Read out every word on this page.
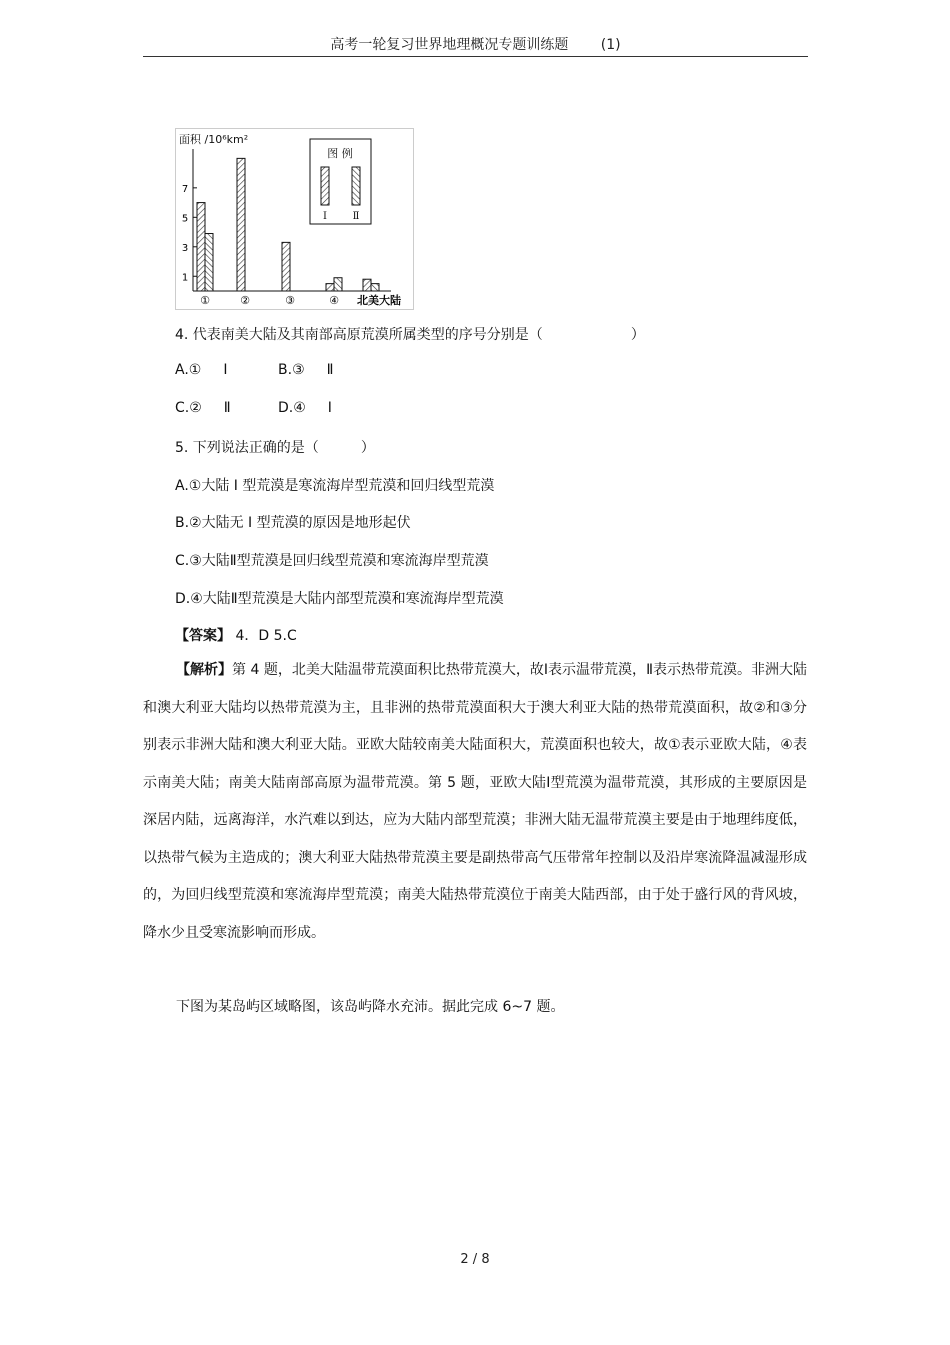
高考一轮复习世界地理概况专题训练题 (1)
面积 /10⁶km²
1
3
5
7
①	②	③	④ 北美大陆
图 例
Ⅰ	Ⅱ
4. 代表南美大陆及其南部高原荒漠所属类型的序号分别是（	）
A.① Ⅰ	B.③ Ⅱ
C.② Ⅱ	D.④ Ⅰ
5. 下列说法正确的是（	）
A.①大陆 Ⅰ 型荒漠是寒流海岸型荒漠和回归线型荒漠
B.②大陆无 Ⅰ 型荒漠的原因是地形起伏
C.③大陆Ⅱ型荒漠是回归线型荒漠和寒流海岸型荒漠
D.④大陆Ⅱ型荒漠是大陆内部型荒漠和寒流海岸型荒漠
【答案】 4．D 5.C

【解析】第 4 题，北美大陆温带荒漠面积比热带荒漠大，故Ⅰ表示温带荒漠，Ⅱ表示热带荒漠。非洲大陆和澳大利亚大陆均以热带荒漠为主，且非洲的热带荒漠面积大于澳大利亚大陆的热带荒漠面积，故②和③分别表示非洲大陆和澳大利亚大陆。亚欧大陆较南美大陆面积大，荒漠面积也较大，故①表示亚欧大陆，④表示南美大陆；南美大陆南部高原为温带荒漠。第 5 题，亚欧大陆Ⅰ型荒漠为温带荒漠，其形成的主要原因是深居内陆，远离海洋，水汽难以到达，应为大陆内部型荒漠；非洲大陆无温带荒漠主要是由于地理纬度低，以热带气候为主造成的；澳大利亚大陆热带荒漠主要是副热带高气压带常年控制以及沿岸寒流降温减湿形成的，为回归线型荒漠和寒流海岸型荒漠；南美大陆热带荒漠位于南美大陆西部，由于处于盛行风的背风坡，降水少且受寒流影响而形成。

下图为某岛屿区域略图，该岛屿降水充沛。据此完成 6~7 题。

2 / 8
